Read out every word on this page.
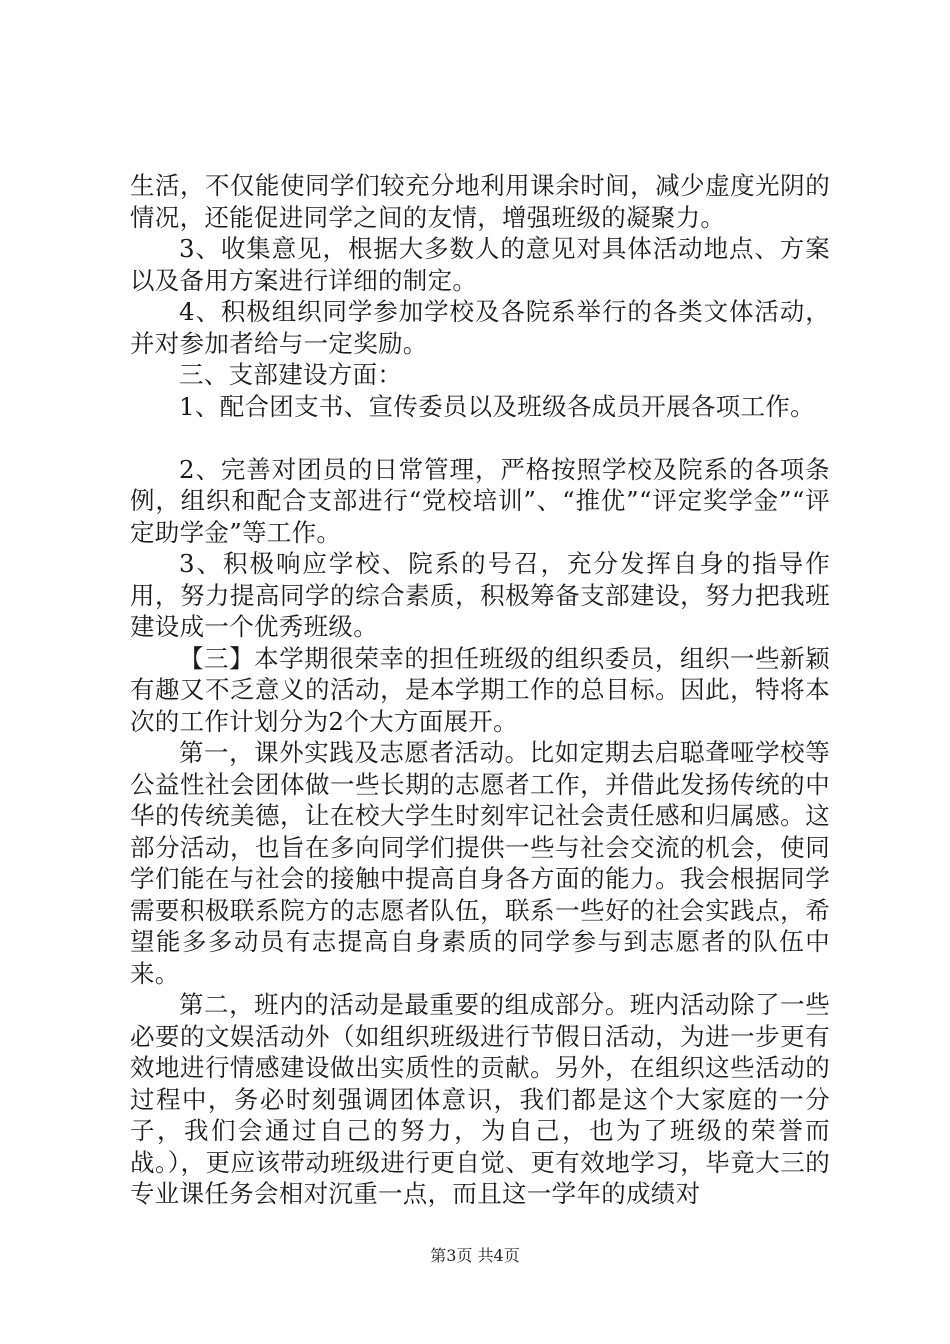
生活，不仅能使同学们较充分地利用课余时间，减少虚度光阴的情况，还能促进同学之间的友情，增强班级的凝聚力。

3、收集意见，根据大多数人的意见对具体活动地点、方案以及备用方案进行详细的制定。

4、积极组织同学参加学校及各院系举行的各类文体活动，并对参加者给与一定奖励。

三、支部建设方面：

1、配合团支书、宣传委员以及班级各成员开展各项工作。

2、完善对团员的日常管理，严格按照学校及院系的各项条例，组织和配合支部进行“党校培训”、“推优”“评定奖学金”“评定助学金”等工作。

3、积极响应学校、院系的号召，充分发挥自身的指导作用，努力提高同学的综合素质，积极筹备支部建设，努力把我班建设成一个优秀班级。

【三】本学期很荣幸的担任班级的组织委员，组织一些新颖有趣又不乏意义的活动，是本学期工作的总目标。因此，特将本次的工作计划分为2个大方面展开。

第一，课外实践及志愿者活动。比如定期去启聪聋哑学校等公益性社会团体做一些长期的志愿者工作，并借此发扬传统的中华的传统美德，让在校大学生时刻牢记社会责任感和归属感。这部分活动，也旨在多向同学们提供一些与社会交流的机会，使同学们能在与社会的接触中提高自身各方面的能力。我会根据同学需要积极联系院方的志愿者队伍，联系一些好的社会实践点，希望能多多动员有志提高自身素质的同学参与到志愿者的队伍中来。

第二，班内的活动是最重要的组成部分。班内活动除了一些必要的文娱活动外（如组织班级进行节假日活动，为进一步更有效地进行情感建设做出实质性的贡献。另外，在组织这些活动的过程中，务必时刻强调团体意识，我们都是这个大家庭的一分子，我们会通过自己的努力，为自己，也为了班级的荣誉而战。），更应该带动班级进行更自觉、更有效地学习，毕竟大三的专业课任务会相对沉重一点，而且这一学年的成绩对

第3页 共4页
